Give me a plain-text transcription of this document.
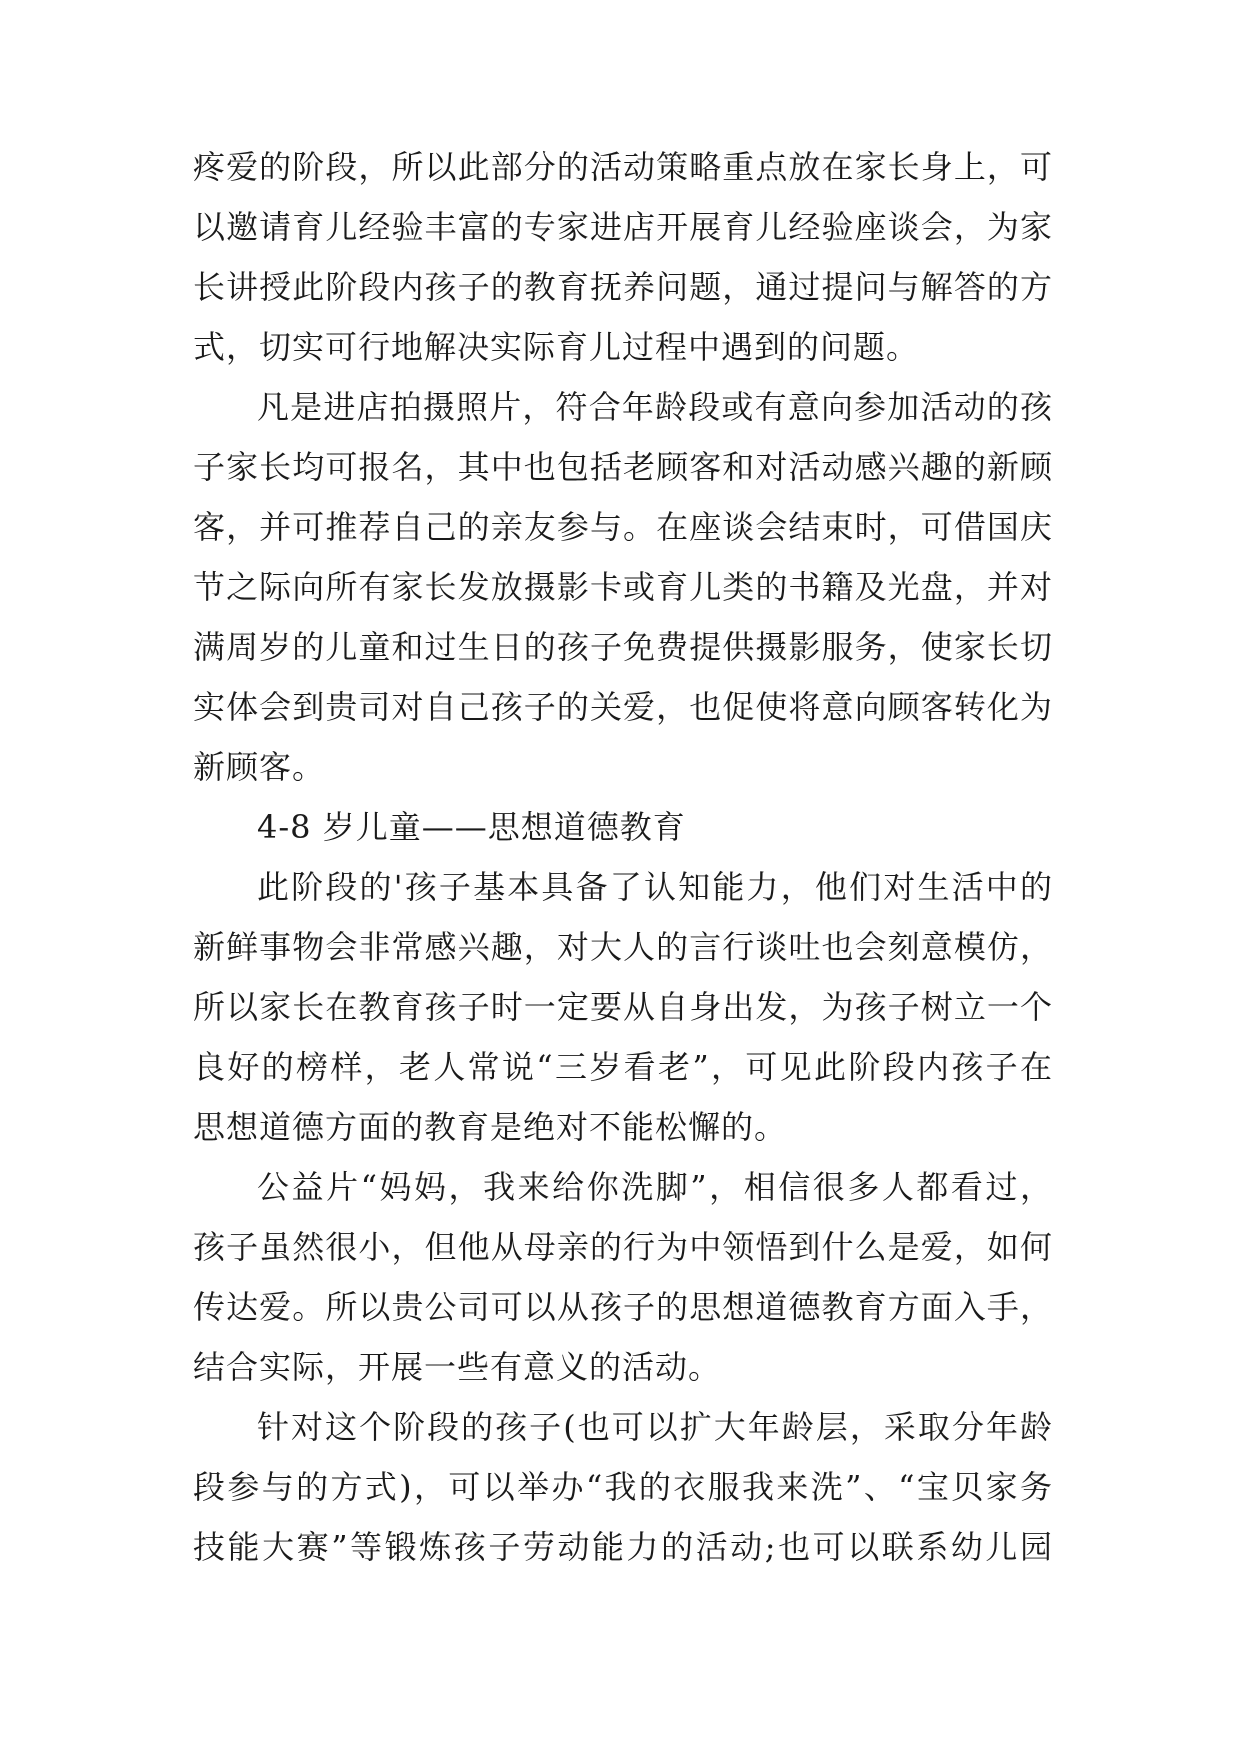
疼爱的阶段，所以此部分的活动策略重点放在家长身上，可
以邀请育儿经验丰富的专家进店开展育儿经验座谈会，为家
长讲授此阶段内孩子的教育抚养问题，通过提问与解答的方
式，切实可行地解决实际育儿过程中遇到的问题。
凡是进店拍摄照片，符合年龄段或有意向参加活动的孩
子家长均可报名，其中也包括老顾客和对活动感兴趣的新顾
客，并可推荐自己的亲友参与。在座谈会结束时，可借国庆
节之际向所有家长发放摄影卡或育儿类的书籍及光盘，并对
满周岁的儿童和过生日的孩子免费提供摄影服务，使家长切
实体会到贵司对自己孩子的关爱，也促使将意向顾客转化为
新顾客。
4-8 岁儿童——思想道德教育
此阶段的'孩子基本具备了认知能力，他们对生活中的
新鲜事物会非常感兴趣，对大人的言行谈吐也会刻意模仿，
所以家长在教育孩子时一定要从自身出发，为孩子树立一个
良好的榜样，老人常说“三岁看老”，可见此阶段内孩子在
思想道德方面的教育是绝对不能松懈的。
公益片“妈妈，我来给你洗脚”，相信很多人都看过，
孩子虽然很小，但他从母亲的行为中领悟到什么是爱，如何
传达爱。所以贵公司可以从孩子的思想道德教育方面入手，
结合实际，开展一些有意义的活动。
针对这个阶段的孩子(也可以扩大年龄层，采取分年龄
段参与的方式)，可以举办“我的衣服我来洗”、“宝贝家务
技能大赛”等锻炼孩子劳动能力的活动;也可以联系幼儿园
